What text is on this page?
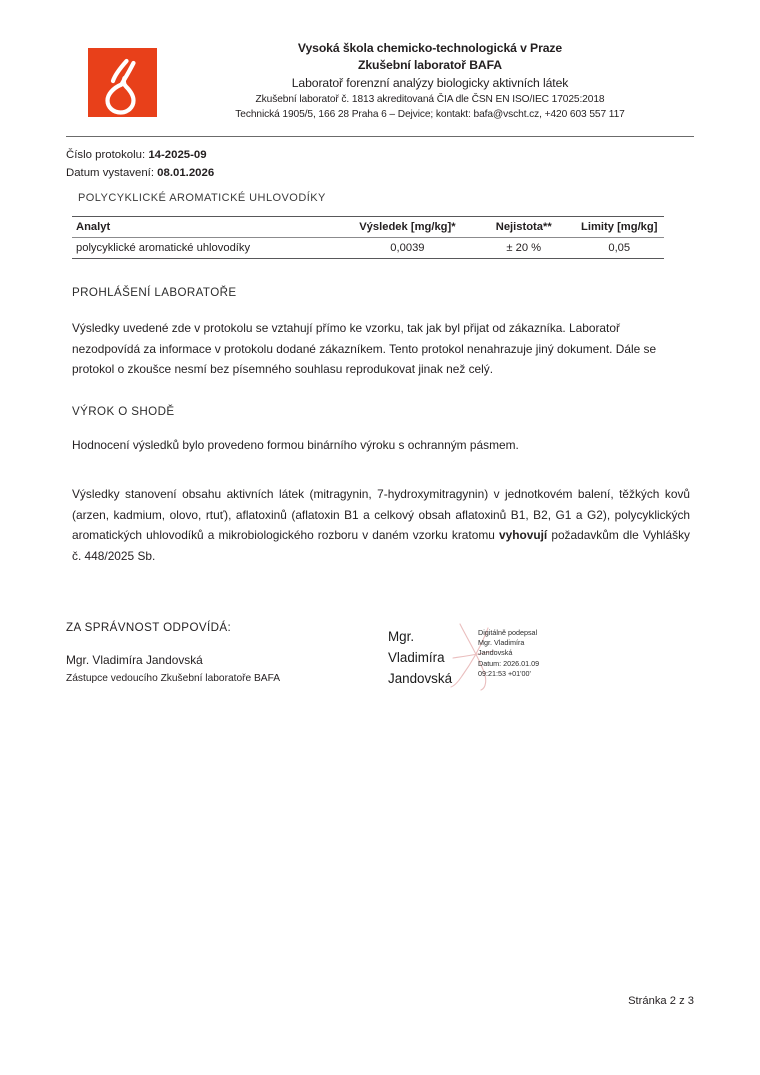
Vysoká škola chemicko-technologická v Praze
Zkušební laboratoř BAFA
Laboratoř forenzní analýzy biologicky aktivních látek
Zkušební laboratoř č. 1813 akreditovaná ČIA dle ČSN EN ISO/IEC 17025:2018
Technická 1905/5, 166 28 Praha 6 – Dejvice; kontakt: bafa@vscht.cz, +420 603 557 117
Číslo protokolu: 14-2025-09
Datum vystavení: 08.01.2026
POLYCYKLICKÉ AROMATICKÉ UHLOVODÍKY
Analyt	Výsledek [mg/kg]*	Nejistota**	Limity [mg/kg]
polycyklické aromatické uhlovodíky	0,0039	± 20 %	0,05
PROHLÁŠENÍ LABORATOŘE
Výsledky uvedené zde v protokolu se vztahují přímo ke vzorku, tak jak byl přijat od zákazníka. Laboratoř nezodpovídá za informace v protokolu dodané zákazníkem. Tento protokol nenahrazuje jiný dokument. Dále se protokol o zkoušce nesmí bez písemného souhlasu reprodukovat jinak než celý.
VÝROK O SHODĚ
Hodnocení výsledků bylo provedeno formou binárního výroku s ochranným pásmem.
Výsledky stanovení obsahu aktivních látek (mitragynin, 7-hydroxymitragynin) v jednotkovém balení, těžkých kovů (arzen, kadmium, olovo, rtuť), aflatoxinů (aflatoxin B1 a celkový obsah aflatoxinů B1, B2, G1 a G2), polycyklických aromatických uhlovodíků a mikrobiologického rozboru v daném vzorku kratomu vyhovují požadavkům dle Vyhlášky č. 448/2025 Sb.
ZA SPRÁVNOST ODPOVÍDÁ:
Mgr. Vladimíra Jandovská
Zástupce vedoucího Zkušební laboratoře BAFA
Mgr.
Vladimíra
Jandovská
Digitálně podepsal
Mgr. Vladimíra
Jandovská
Datum: 2026.01.09
09:21:53 +01'00'
Stránka 2 z 3
